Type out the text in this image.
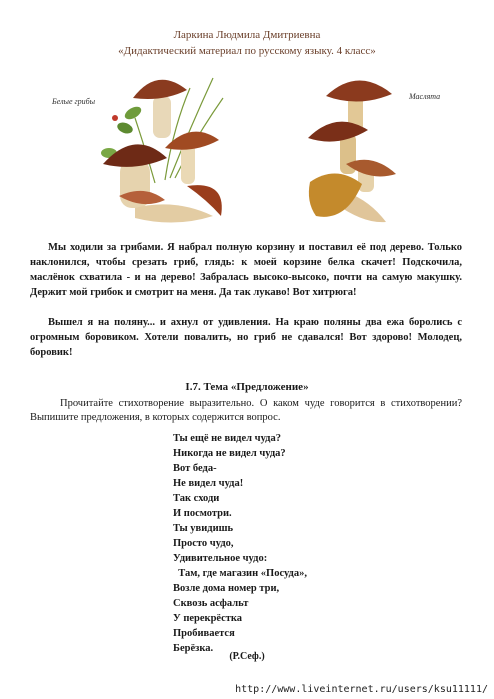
Ларкина Людмила Дмитриевна
«Дидактический материал по русскому языку. 4 класс»
Белые грибы
Маслята

Мы ходили за грибами. Я набрал полную корзину и поставил её под дерево. Только наклонился, чтобы срезать гриб, глядь: к моей корзине белка скачет! Подскочила, маслёнок схватила - и на дерево! Забралась высоко-высоко, почти на самую макушку. Держит мой грибок и смотрит на меня. Да так лукаво! Вот хитрюга!

Вышел я на поляну... и ахнул от удивления. На краю поляны два ежа боролись с огромным боровиком. Хотели повалить, но гриб не сдавался! Вот здорово! Молодец, боровик!

I.7. Тема «Предложение»

Прочитайте стихотворение выразительно. О каком чуде говорится в стихотворении? Выпишите предложения, в которых содержится вопрос.

Ты ещё не видел чуда?
Никогда не видел чуда?
Вот беда-
Не видел чуда!
Так сходи
И посмотри.
Ты увидишь
Просто чудо,
Удивительное чудо:
Там, где магазин «Посуда»,
Возле дома номер три,
Сквозь асфальт
У перекрёстка
Пробивается
Берёзка.
(Р.Сеф.)
http://www.liveinternet.ru/users/ksu11111/
